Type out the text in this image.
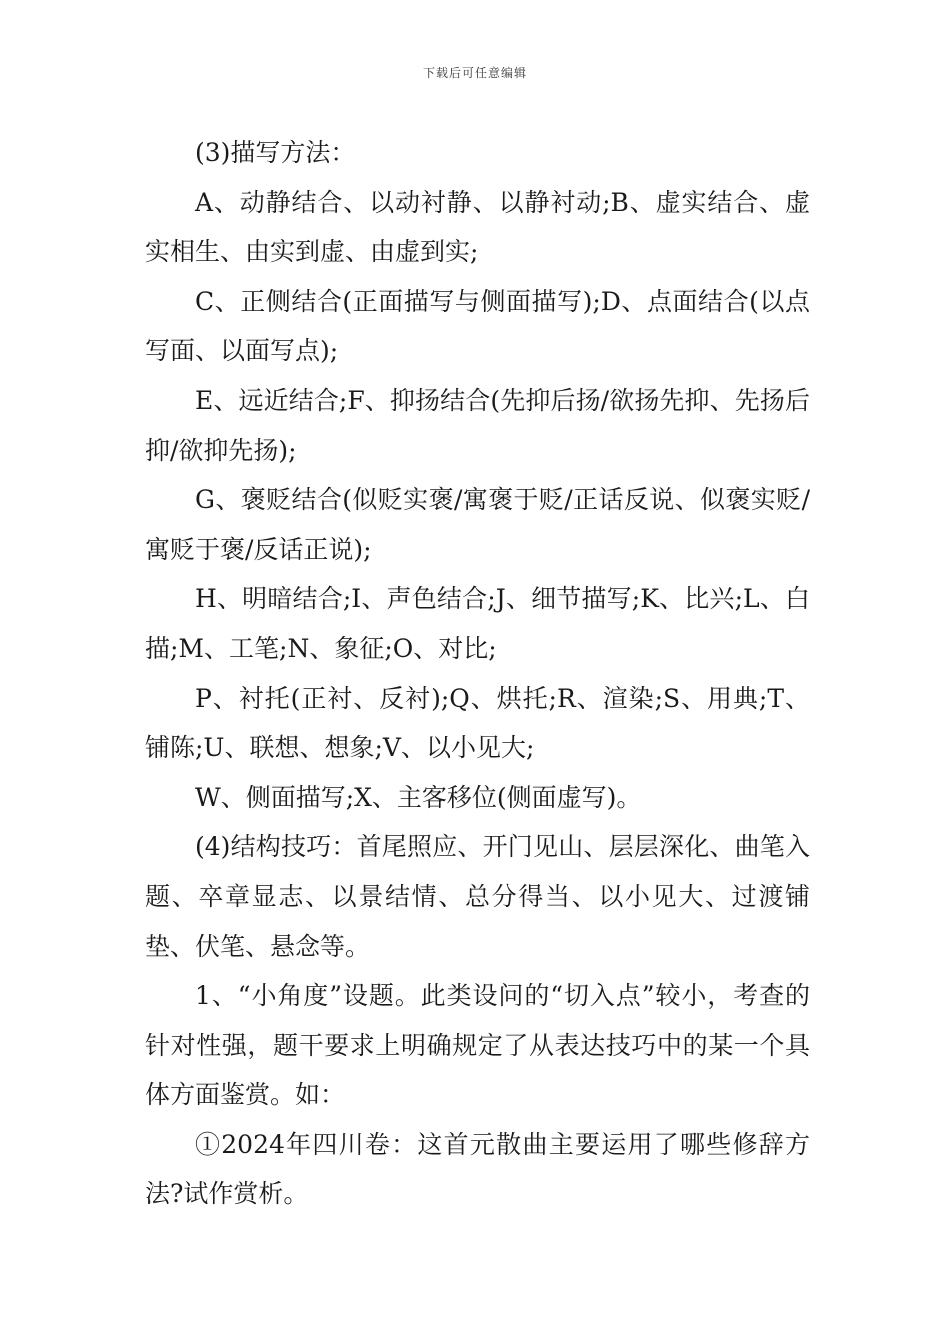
下载后可任意编辑

(3)描写方法：

A、动静结合、以动衬静、以静衬动;B、虚实结合、虚实相生、由实到虚、由虚到实;

C、正侧结合(正面描写与侧面描写);D、点面结合(以点写面、以面写点);

E、远近结合;F、抑扬结合(先抑后扬/欲扬先抑、先扬后抑/欲抑先扬);

G、褒贬结合(似贬实褒/寓褒于贬/正话反说、似褒实贬/寓贬于褒/反话正说);

H、明暗结合;I、声色结合;J、细节描写;K、比兴;L、白描;M、工笔;N、象征;O、对比;

P、衬托(正衬、反衬);Q、烘托;R、渲染;S、用典;T、铺陈;U、联想、想象;V、以小见大;

W、侧面描写;X、主客移位(侧面虚写)。

(4)结构技巧：首尾照应、开门见山、层层深化、曲笔入题、卒章显志、以景结情、总分得当、以小见大、过渡铺垫、伏笔、悬念等。

1、“小角度”设题。此类设问的“切入点”较小，考查的针对性强，题干要求上明确规定了从表达技巧中的某一个具体方面鉴赏。如：

①2024年四川卷：这首元散曲主要运用了哪些修辞方法?试作赏析。
